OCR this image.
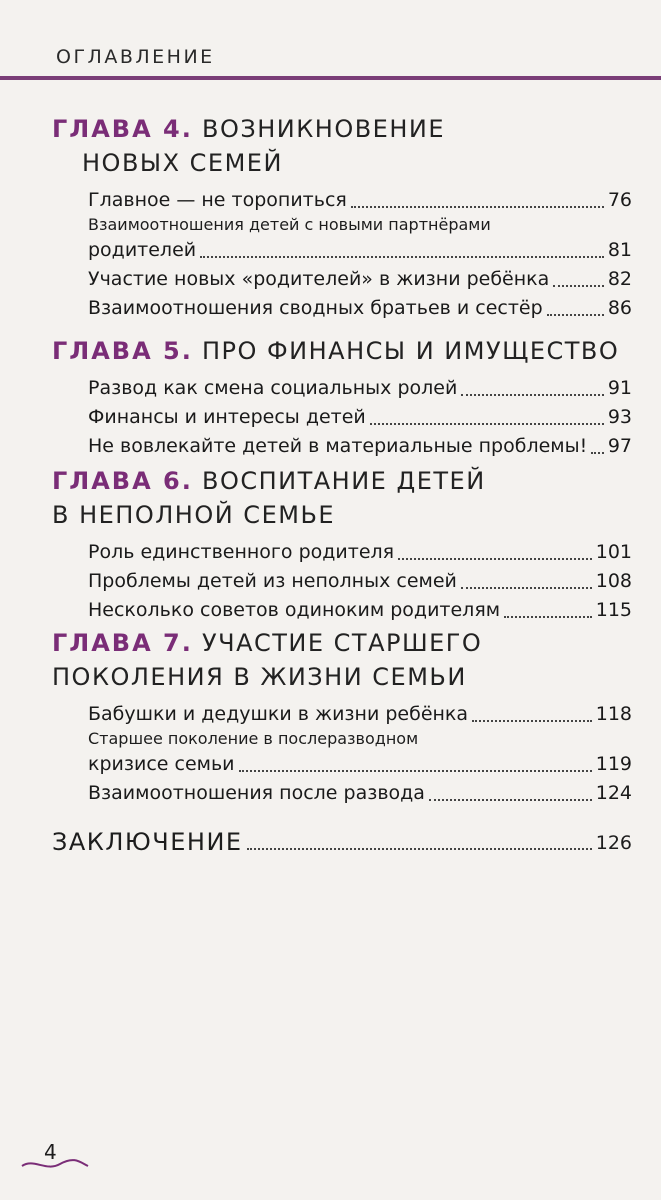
ОГЛАВЛЕНИЕ
ГЛАВА 4. ВОЗНИКНОВЕНИЕ
НОВЫХ СЕМЕЙ
Главное — не торопиться	76
Взаимоотношения детей с новыми партнёрами
родителей	81
Участие новых «родителей» в жизни ребёнка	82
Взаимоотношения сводных братьев и сестёр	86
ГЛАВА 5. ПРО ФИНАНСЫ И ИМУЩЕСТВО
Развод как смена социальных ролей	91
Финансы и интересы детей	93
Не вовлекайте детей в материальные проблемы! 97
ГЛАВА 6. ВОСПИТАНИЕ ДЕТЕЙ
В НЕПОЛНОЙ СЕМЬЕ
Роль единственного родителя	101
Проблемы детей из неполных семей	108
Несколько советов одиноким родителям	115
ГЛАВА 7. УЧАСТИЕ СТАРШЕГО
ПОКОЛЕНИЯ В ЖИЗНИ СЕМЬИ
Бабушки и дедушки в жизни ребёнка	118
Старшее поколение в послеразводном
кризисе семьи	119
Взаимоотношения после развода	124
ЗАКЛЮЧЕНИЕ	126
4
